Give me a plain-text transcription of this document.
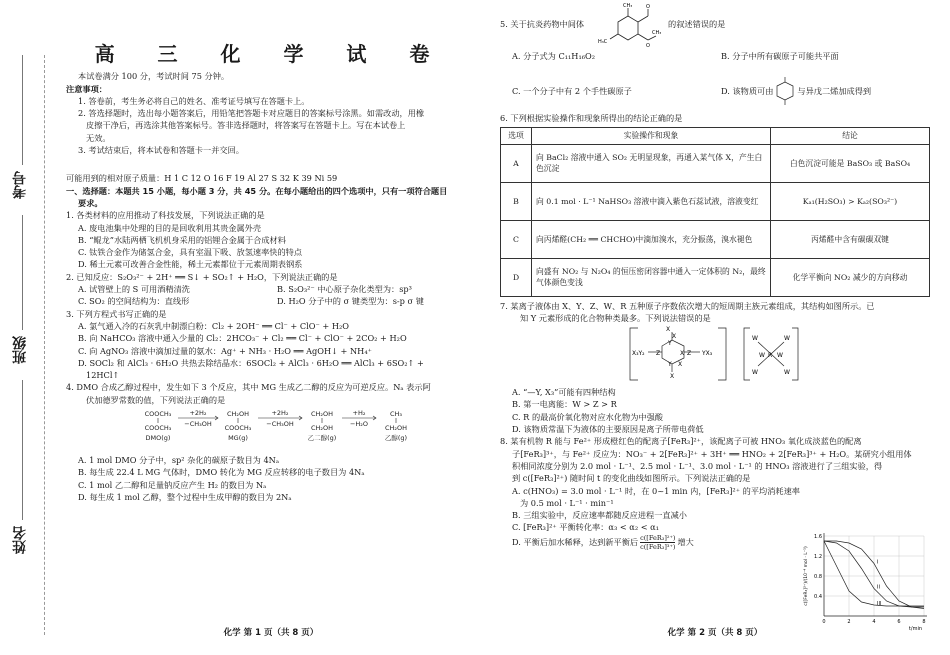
考号
班级
姓名
高 三 化 学 试 卷

本试卷满分 100 分，考试时间 75 分钟。

注意事项：

1. 答卷前，考生务必将自己的姓名、准考证号填写在答题卡上。

2. 答选择题时，选出每小题答案后，用铅笔把答题卡对应题目的答案标号涂黑。如需改动，用橡

皮擦干净后，再选涂其他答案标号。答非选择题时，将答案写在答题卡上。写在本试卷上

无效。

3. 考试结束后，将本试卷和答题卡一并交回。

可能用到的相对原子质量：H 1 C 12 O 16 F 19 Al 27 S 32 K 39 Ni 59

一、选择题：本题共 15 小题，每小题 3 分，共 45 分。在每小题给出的四个选项中，只有一项符合题目

要求。

1. 各类材料的应用推动了科技发展，下列说法正确的是

A. 废电池集中处理的目的是回收利用其贵金属外壳

B. “鲲龙”水陆两栖飞机机身采用的铝锂合金属于合成材料

C. 钛铁合金作为储氢合金，具有室温下吸、放氢速率快的特点

D. 稀土元素可改善合金性能，稀土元素都位于元素周期表钢系

2. 已知反应：S₂O₃²⁻ + 2H⁺ ══ S↓ + SO₂↑ + H₂O，下列说法正确的是

A. 试管壁上的 S 可用酒精清洗	B. S₂O₃²⁻ 中心原子杂化类型为：sp³
C. SO₂ 的空间结构为：直线形	D. H₂O 分子中的 σ 键类型为：s-p σ 键

3. 下列方程式书写正确的是

A. 氯气通入冷的石灰乳中制漂白粉：Cl₂ + 2OH⁻ ══ Cl⁻ + ClO⁻ + H₂O

B. 向 NaHCO₃ 溶液中通入少量的 Cl₂：2HCO₃⁻ + Cl₂ ══ Cl⁻ + ClO⁻ + 2CO₂ + H₂O

C. 向 AgNO₃ 溶液中滴加过量的氨水：Ag⁺ + NH₃ · H₂O ══ AgOH↓ + NH₄⁺

D. SOCl₂ 和 AlCl₃ · 6H₂O 共热去除结晶水：6SOCl₂ + AlCl₃ · 6H₂O ══ AlCl₃ + 6SO₂↑ +

12HCl↑

4. DMO 合成乙醇过程中，发生如下 3 个反应，其中 MG 生成乙二醇的反应为可逆反应。Nₐ 表示阿

伏加德罗常数的值，下列说法正确的是

COOCH₃
COOCH₃
DMO(g)
CH₂OH
COOCH₃
MG(g)
CH₂OH
CH₂OH
乙二醇(g)
CH₃
CH₂OH
乙醇(g)
+2H₂
−CH₃OH
+2H₂
−CH₃OH
+H₂
−H₂O

A. 1 mol DMO 分子中，sp² 杂化的碳原子数目为 4Nₐ

B. 每生成 22.4 L MG 气体时，DMO 转化为 MG 反应转移的电子数目为 4Nₐ

C. 1 mol 乙二醇和足量钠反应产生 H₂ 的数目为 Nₐ

D. 每生成 1 mol 乙醇，整个过程中生成甲醇的数目为 2Nₐ

化学 第 1 页（共 8 页）
5. 关于抗炎药物中间体
CH₃
H₃C
CH₃
O
O
的叙述错误的是
A. 分子式为 C₁₁H₁₆O₂	B. 分子中所有碳原子可能共平面
C. 一个分子中有 2 个手性碳原子	D. 该物质可由	与异戊二烯加成得到

6. 下列根据实验操作和现象所得出的结论正确的是

选项	实验操作和现象	结论
A	向 BaCl₂ 溶液中通入 SO₂ 无明显现象，再通入某气体 X，产生白色沉淀	白色沉淀可能是 BaSO₃ 或 BaSO₄
B	向 0.1 mol · L⁻¹ NaHSO₃ 溶液中滴入紫色石蕊试液，溶液变红	Kₐ₁(H₂SO₃) > Kₐ₂(SO₃²⁻)
C	向丙烯醛(CH₂ ══ CHCHO)中滴加溴水，充分振荡，溴水褪色	丙烯醛中含有碳碳双键
D	向盛有 NO₂ 与 N₂O₄ 的恒压密闭容器中通入一定体积的 N₂，最终气体颜色变浅	化学平衡向 NO₂ 减少的方向移动

7. 某离子液体由 X、Y、Z、W、R 五种原子序数依次增大的短周期主族元素组成，其结构如图所示。已

知 Y 元素形成的化合物种类最多。下列说法错误的是

X
X
X₃Y₂
Y
Z	X Z
Y
YX₃
X
X
W	W
W	W
R
W W

A. “—Y, X₃”可能有四种结构

B. 第一电离能：W > Z > R

C. R 的最高价氧化物对应水化物为中强酸

D. 该物质常温下为液体的主要原因是离子所带电荷低

8. 某有机物 R 能与 Fe²⁺ 形成橙红色的配离子[FeR₃]²⁺，该配离子可被 HNO₃ 氧化成淡蓝色的配离

子[FeR₃]³⁺，与 Fe²⁺ 反应为：NO₃⁻ + 2[FeR₃]²⁺ + 3H⁺ ══ HNO₂ + 2[FeR₃]³⁺ + H₂O。某研究小组用体

积相同浓度分别为 2.0 mol · L⁻¹、2.5 mol · L⁻¹、3.0 mol · L⁻¹ 的 HNO₃ 溶液进行了三组实验，得

到 c([FeR₃]²⁺) 随时间 t 的变化曲线如图所示。下列说法正确的是

A. c(HNO₃) = 3.0 mol · L⁻¹ 时，在 0~1 min 内，[FeR₃]²⁺ 的平均消耗速率

为 0.5 mol · L⁻¹ · min⁻¹

B. 三组实验中，反应速率都随反应进程一直减小

C. [FeR₃]²⁺ 平衡转化率：α₃ < α₂ < α₁

D. 平衡后加水稀释，达到新平衡后 c([FeR₃]²⁺)
c([FeR₃]³⁺) 增大

0	2	4	6	8
0.4
0.8
1.2
1.6
t/min
c([FeR₃]²⁺)/(10⁻⁴ mol · L⁻¹)	I
II
III
化学 第 2 页（共 8 页）
